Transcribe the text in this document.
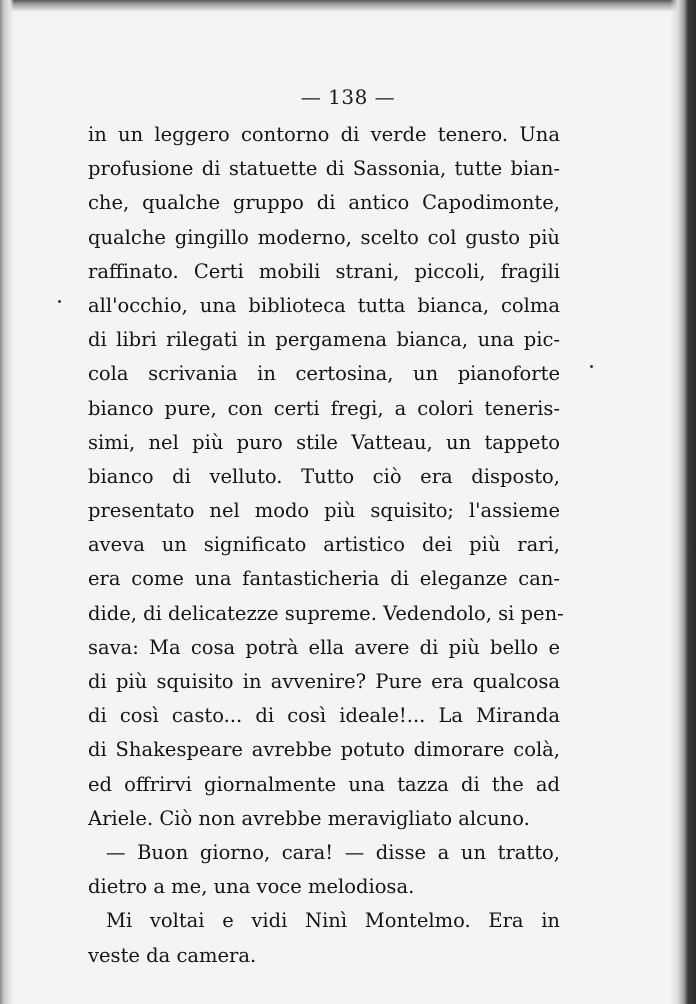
— 138 —
in un leggero contorno di verde tenero. Una
profusione di statuette di Sassonia, tutte bian-
che, qualche gruppo di antico Capodimonte,
qualche gingillo moderno, scelto col gusto più
raffinato. Certi mobili strani, piccoli, fragili
all'occhio, una biblioteca tutta bianca, colma
di libri rilegati in pergamena bianca, una pic-
cola scrivania in certosina, un pianoforte
bianco pure, con certi fregi, a colori teneris-
simi, nel più puro stile Vatteau, un tappeto
bianco di velluto. Tutto ciò era disposto,
presentato nel modo più squisito; l'assieme
aveva un significato artistico dei più rari,
era come una fantasticheria di eleganze can-
dide, di delicatezze supreme. Vedendolo, si pen-
sava: Ma cosa potrà ella avere di più bello e
di più squisito in avvenire? Pure era qualcosa
di così casto... di così ideale!... La Miranda
di Shakespeare avrebbe potuto dimorare colà,
ed offrirvi giornalmente una tazza di the ad
Ariele. Ciò non avrebbe meravigliato alcuno.
— Buon giorno, cara! — disse a un tratto,
dietro a me, una voce melodiosa.
Mi voltai e vidi Ninì Montelmo. Era in
veste da camera.
